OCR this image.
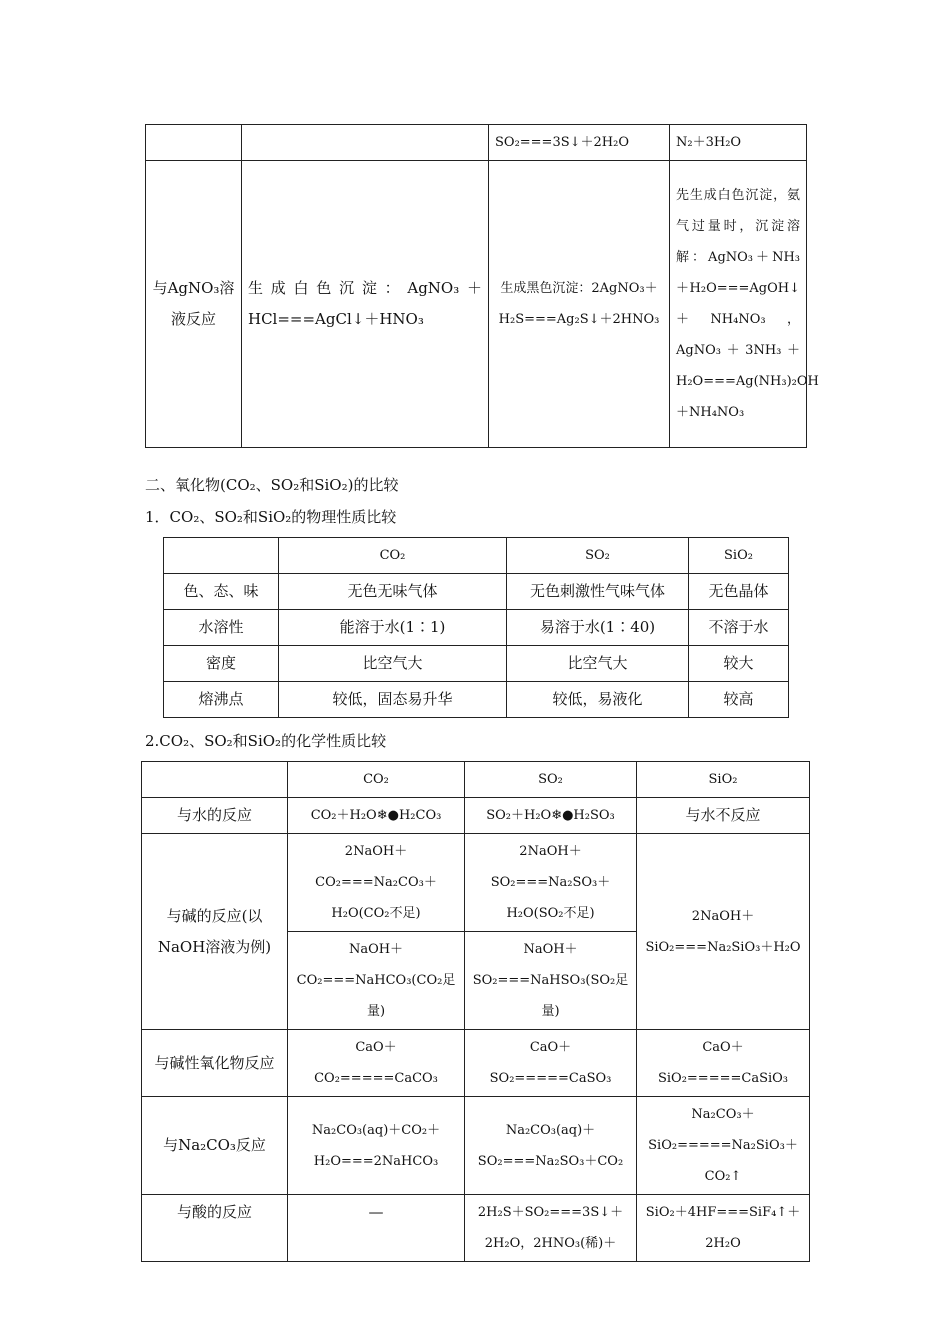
		SO₂===3S↓＋2H₂O	N₂＋3H₂O
与AgNO₃溶液反应	生成白色沉淀：AgNO₃＋HCl===AgCl↓＋HNO₃	生成黑色沉淀：2AgNO₃＋H₂S===Ag₂S↓＋2HNO₃	先生成白色沉淀，氨气过量时，沉淀溶解：AgNO₃＋NH₃＋H₂O===AgOH↓＋NH₄NO₃，AgNO₃＋3NH₃＋H₂O===Ag(NH₃)₂OH＋NH₄NO₃
二、氧化物(CO₂、SO₂和SiO₂)的比较
1．CO₂、SO₂和SiO₂的物理性质比较
	CO₂	SO₂	SiO₂
色、态、味	无色无味气体	无色刺激性气味气体	无色晶体
水溶性	能溶于水(1∶1)	易溶于水(1∶40)	不溶于水
密度	比空气大	比空气大	较大
熔沸点	较低，固态易升华	较低，易液化	较高
2.CO₂、SO₂和SiO₂的化学性质比较
	CO₂	SO₂	SiO₂
与水的反应	CO₂＋H₂O❄●H₂CO₃	SO₂＋H₂O❄●H₂SO₃	与水不反应
与碱的反应(以NaOH溶液为例)	2NaOH＋CO₂===Na₂CO₃＋H₂O(CO₂不足)	2NaOH＋SO₂===Na₂SO₃＋H₂O(SO₂不足)	2NaOH＋SiO₂===Na₂SiO₃＋H₂O
	NaOH＋CO₂===NaHCO₃(CO₂足量)	NaOH＋SO₂===NaHSO₃(SO₂足量)	
与碱性氧化物反应	CaO＋CO₂=====CaCO₃	CaO＋SO₂=====CaSO₃	CaO＋SiO₂=====CaSiO₃
与Na₂CO₃反应	Na₂CO₃(aq)＋CO₂＋H₂O===2NaHCO₃	Na₂CO₃(aq)＋SO₂===Na₂SO₃＋CO₂	Na₂CO₃＋SiO₂=====Na₂SiO₃＋CO₂↑
与酸的反应	—	2H₂S＋SO₂===3S↓＋2H₂O，2HNO₃(稀)＋	SiO₂＋4HF===SiF₄↑＋2H₂O
